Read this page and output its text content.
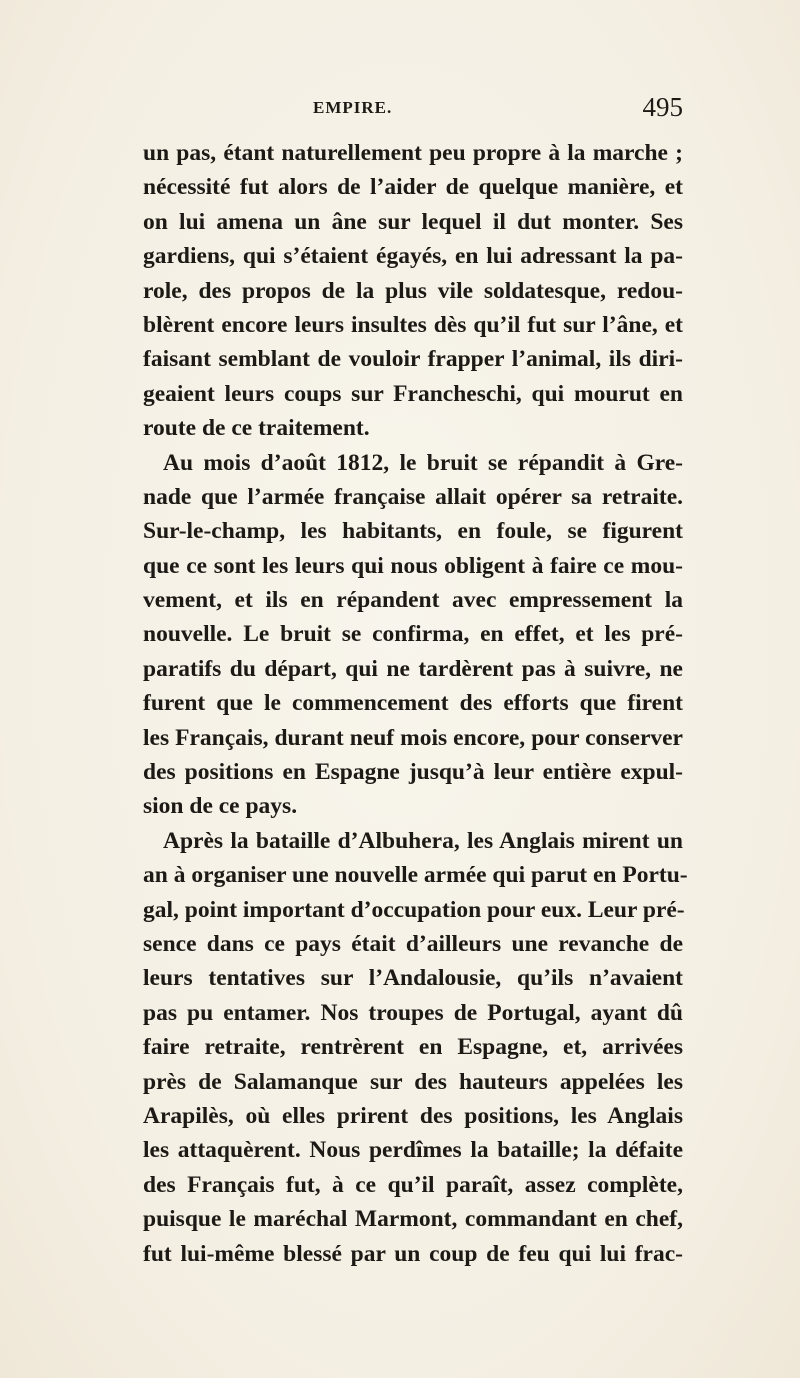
EMPIRE.	495
un pas, étant naturellement peu propre à la marche ;
nécessité fut alors de l’aider de quelque manière, et
on lui amena un âne sur lequel il dut monter. Ses
gardiens, qui s’étaient égayés, en lui adressant la pa-
role, des propos de la plus vile soldatesque, redou-
blèrent encore leurs insultes dès qu’il fut sur l’âne, et
faisant semblant de vouloir frapper l’animal, ils diri-
geaient leurs coups sur Francheschi, qui mourut en
route de ce traitement.
Au mois d’août 1812, le bruit se répandit à Gre-
nade que l’armée française allait opérer sa retraite.
Sur-le-champ, les habitants, en foule, se figurent
que ce sont les leurs qui nous obligent à faire ce mou-
vement, et ils en répandent avec empressement la
nouvelle. Le bruit se confirma, en effet, et les pré-
paratifs du départ, qui ne tardèrent pas à suivre, ne
furent que le commencement des efforts que firent
les Français, durant neuf mois encore, pour conserver
des positions en Espagne jusqu’à leur entière expul-
sion de ce pays.
Après la bataille d’Albuhera, les Anglais mirent un
an à organiser une nouvelle armée qui parut en Portu-
gal, point important d’occupation pour eux. Leur pré-
sence dans ce pays était d’ailleurs une revanche de
leurs tentatives sur l’Andalousie, qu’ils n’avaient
pas pu entamer. Nos troupes de Portugal, ayant dû
faire retraite, rentrèrent en Espagne, et, arrivées
près de Salamanque sur des hauteurs appelées les
Arapilès, où elles prirent des positions, les Anglais
les attaquèrent. Nous perdîmes la bataille; la défaite
des Français fut, à ce qu’il paraît, assez complète,
puisque le maréchal Marmont, commandant en chef,
fut lui-même blessé par un coup de feu qui lui frac-
